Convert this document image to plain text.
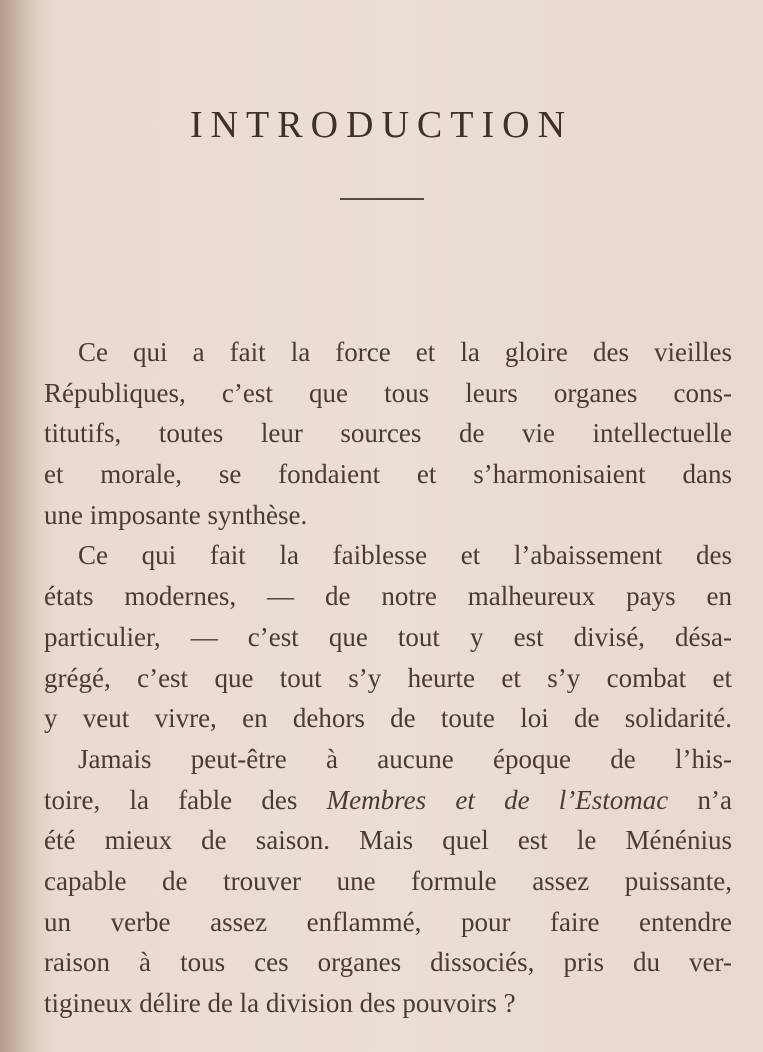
INTRODUCTION
Ce qui a fait la force et la gloire des vieilles
Républiques, c’est que tous leurs organes cons-
titutifs, toutes leur sources de vie intellectuelle
et morale, se fondaient et s’harmonisaient dans
une imposante synthèse.
Ce qui fait la faiblesse et l’abaissement des
états modernes, — de notre malheureux pays en
particulier, — c’est que tout y est divisé, désa-
grégé, c’est que tout s’y heurte et s’y combat et
y veut vivre, en dehors de toute loi de solidarité.
Jamais peut-être à aucune époque de l’his-
toire, la fable des Membres et de l’Estomac n’a
été mieux de saison. Mais quel est le Ménénius
capable de trouver une formule assez puissante,
un verbe assez enflammé, pour faire entendre
raison à tous ces organes dissociés, pris du ver-
tigineux délire de la division des pouvoirs ?
